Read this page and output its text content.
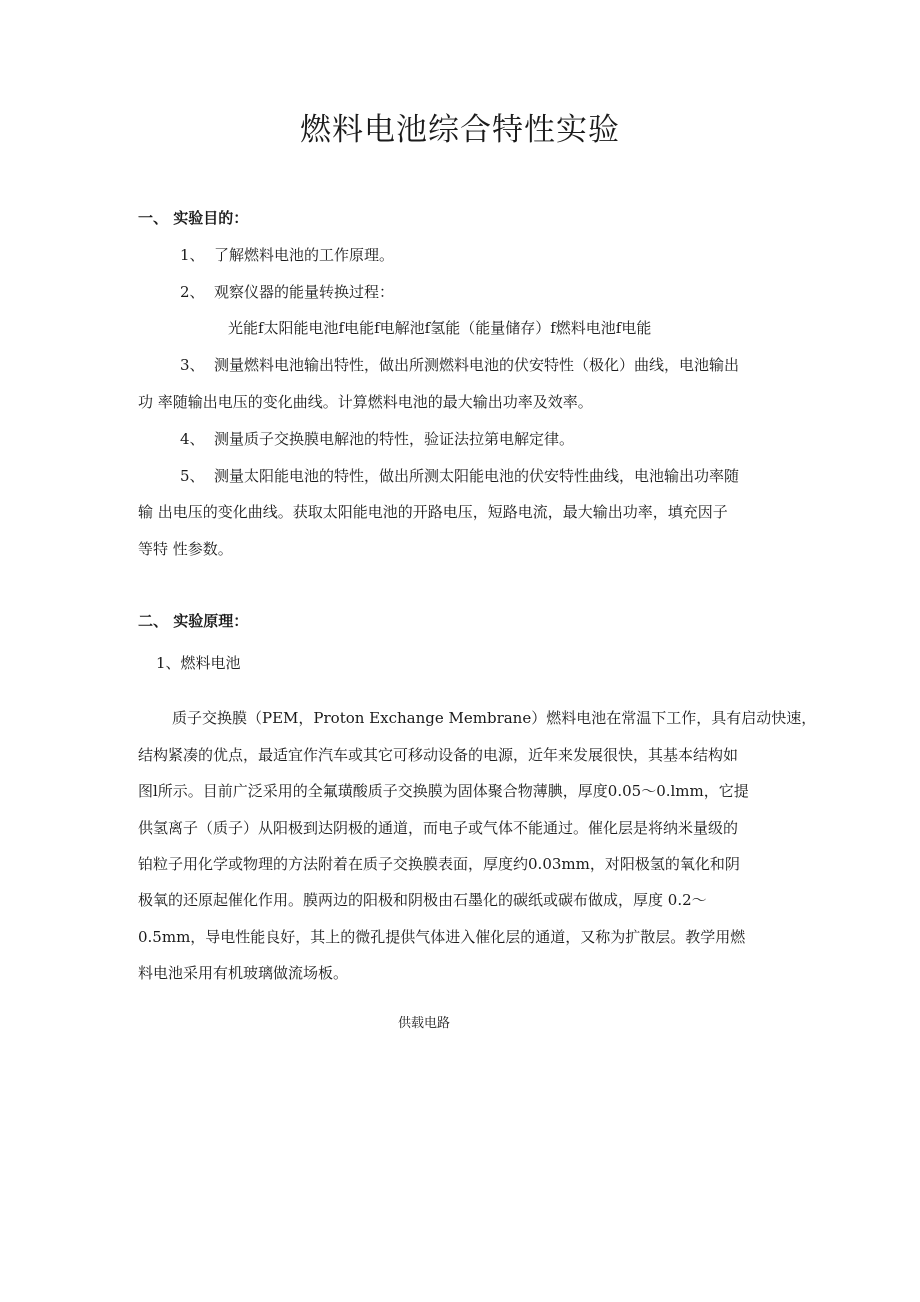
燃料电池综合特性实验
一、 实验目的：
1、 了解燃料电池的工作原理。
2、 观察仪器的能量转换过程：
光能f太阳能电池f电能f电解池f氢能（能量储存）f燃料电池f电能
3、 测量燃料电池输出特性，做出所测燃料电池的伏安特性（极化）曲线，电池输出
功 率随输出电压的变化曲线。计算燃料电池的最大输出功率及效率。
4、 测量质子交换膜电解池的特性，验证法拉第电解定律。
5、 测量太阳能电池的特性，做出所测太阳能电池的伏安特性曲线，电池输出功率随
输 出电压的变化曲线。获取太阳能电池的开路电压，短路电流，最大输出功率，填充因子
等特 性参数。
二、 实验原理：
1、燃料电池
质子交换膜（PEM，Proton Exchange Membrane）燃料电池在常温下工作，具有启动快速，
结构紧凑的优点，最适宜作汽车或其它可移动设备的电源，近年来发展很快，其基本结构如
图l所示。目前广泛采用的全氟璜酸质子交换膜为固体聚合物薄腆，厚度0.05～0.lmm，它提
供氢离子（质子）从阳极到达阴极的通道，而电子或气体不能通过。催化层是将纳米量级的
铂粒子用化学或物理的方法附着在质子交换膜表面，厚度约0.03mm，对阳极氢的氧化和阴
极氧的还原起催化作用。膜两边的阳极和阴极由石墨化的碳纸或碳布做成，厚度 0.2～
0.5mm，导电性能良好，其上的微孔提供气体进入催化层的通道，又称为扩散层。教学用燃
料电池采用有机玻璃做流场板。
供载电路
